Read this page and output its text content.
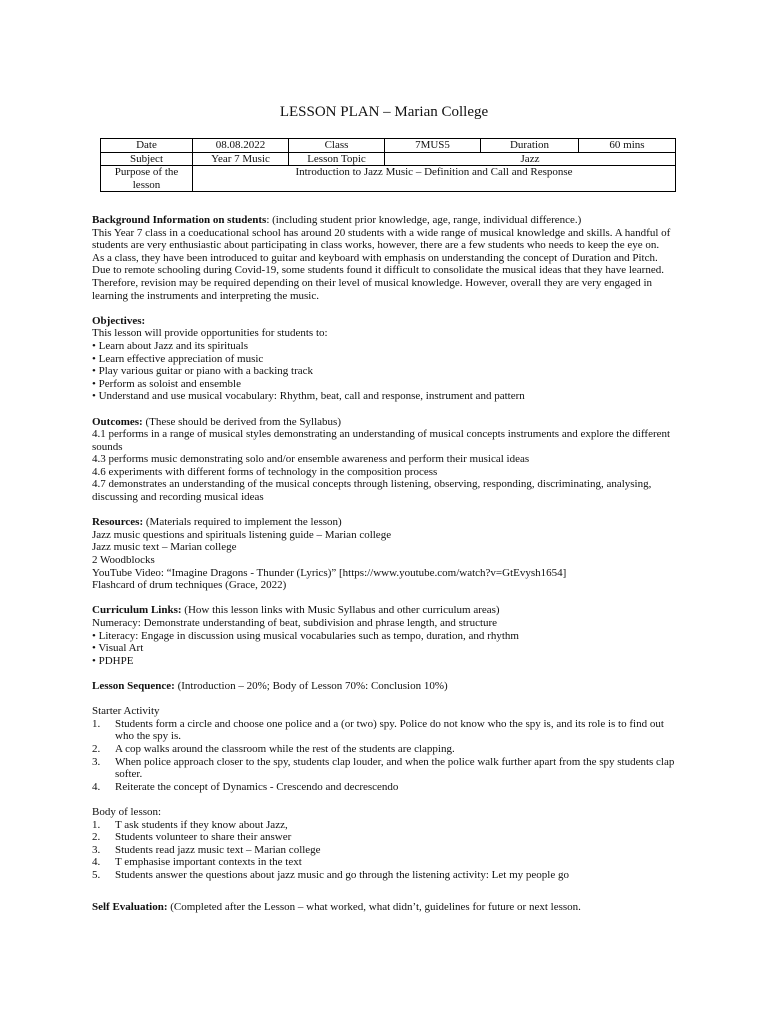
LESSON PLAN – Marian College
Date	08.08.2022	Class	7MUS5	Duration	60 mins
Subject	Year 7 Music	Lesson Topic	Jazz		
Purpose of the lesson	Introduction to Jazz Music – Definition and Call and Response				

Background Information on students: (including student prior knowledge, age, range, individual difference.)

This Year 7 class in a coeducational school has around 20 students with a wide range of musical knowledge and skills. A handful of students are very enthusiastic about participating in class works, however, there are a few students who needs to keep the eye on.

As a class, they have been introduced to guitar and keyboard with emphasis on understanding the concept of Duration and Pitch. Due to remote schooling during Covid-19, some students found it difficult to consolidate the musical ideas that they have learned. Therefore, revision may be required depending on their level of musical knowledge. However, overall they are very engaged in learning the instruments and interpreting the music.

Objectives:

This lesson will provide opportunities for students to:

• Learn about Jazz and its spirituals

• Learn effective appreciation of music

• Play various guitar or piano with a backing track

• Perform as soloist and ensemble

• Understand and use musical vocabulary: Rhythm, beat, call and response, instrument and pattern

Outcomes: (These should be derived from the Syllabus)

4.1 performs in a range of musical styles demonstrating an understanding of musical concepts instruments and explore the different sounds

4.3 performs music demonstrating solo and/or ensemble awareness and perform their musical ideas

4.6 experiments with different forms of technology in the composition process

4.7 demonstrates an understanding of the musical concepts through listening, observing, responding, discriminating, analysing, discussing and recording musical ideas

Resources: (Materials required to implement the lesson)

Jazz music questions and spirituals listening guide – Marian college

Jazz music text – Marian college

2 Woodblocks

YouTube Video: “Imagine Dragons - Thunder (Lyrics)” [https://www.youtube.com/watch?v=GtEvysh1654]

Flashcard of drum techniques (Grace, 2022)

Curriculum Links: (How this lesson links with Music Syllabus and other curriculum areas)

Numeracy: Demonstrate understanding of beat, subdivision and phrase length, and structure

• Literacy: Engage in discussion using musical vocabularies such as tempo, duration, and rhythm

• Visual Art

• PDHPE

Lesson Sequence: (Introduction – 20%; Body of Lesson 70%: Conclusion 10%)

Starter Activity

1. Students form a circle and choose one police and a (or two) spy. Police do not know who the spy is, and its role is to find out who the spy is.
2. A cop walks around the classroom while the rest of the students are clapping.
3. When police approach closer to the spy, students clap louder, and when the police walk further apart from the spy students clap softer.
4. Reiterate the concept of Dynamics - Crescendo and decrescendo

Body of lesson:

1. T ask students if they know about Jazz,
2. Students volunteer to share their answer
3. Students read jazz music text – Marian college
4. T emphasise important contexts in the text
5. Students answer the questions about jazz music and go through the listening activity: Let my people go

Self Evaluation: (Completed after the Lesson – what worked, what didn’t, guidelines for future or next lesson.
